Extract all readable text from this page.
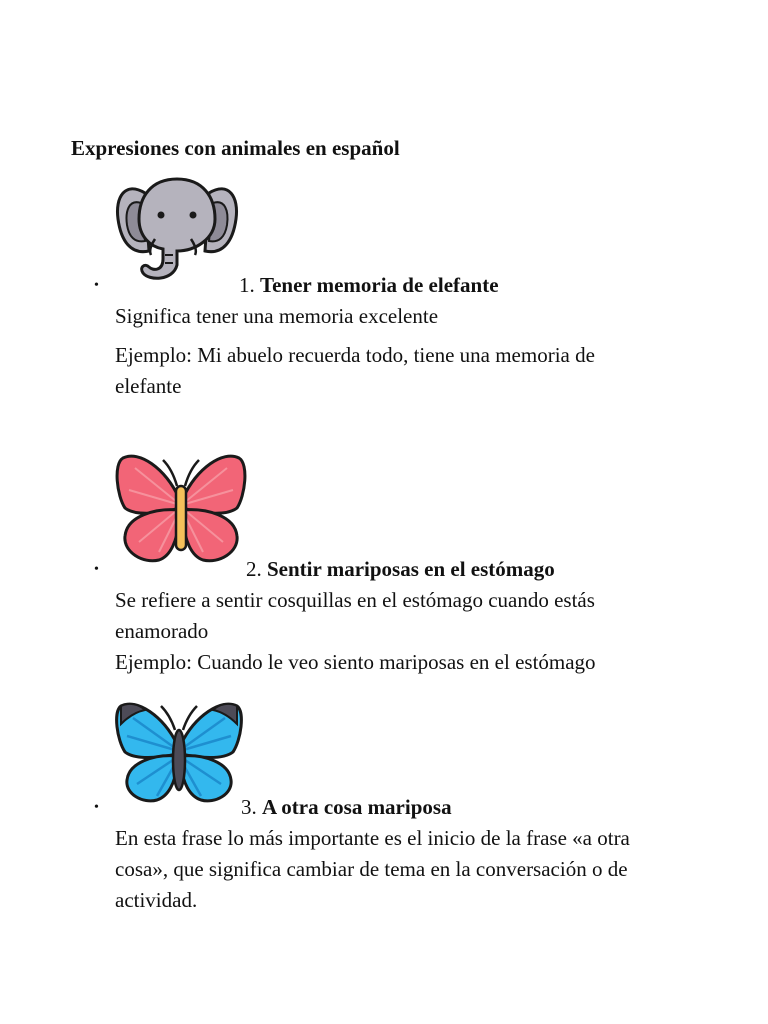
Expresiones con animales en español
•	1. Tener memoria de elefante

Significa tener una memoria excelente

Ejemplo: Mi abuelo recuerda todo, tiene una memoria de elefante

•	2. Sentir mariposas en el estómago

Se refiere a sentir cosquillas en el estómago cuando estás enamorado

Ejemplo: Cuando le veo siento mariposas en el estómago

•	3. A otra cosa mariposa

En esta frase lo más importante es el inicio de la frase «a otra cosa», que significa cambiar de tema en la conversación o de actividad.
